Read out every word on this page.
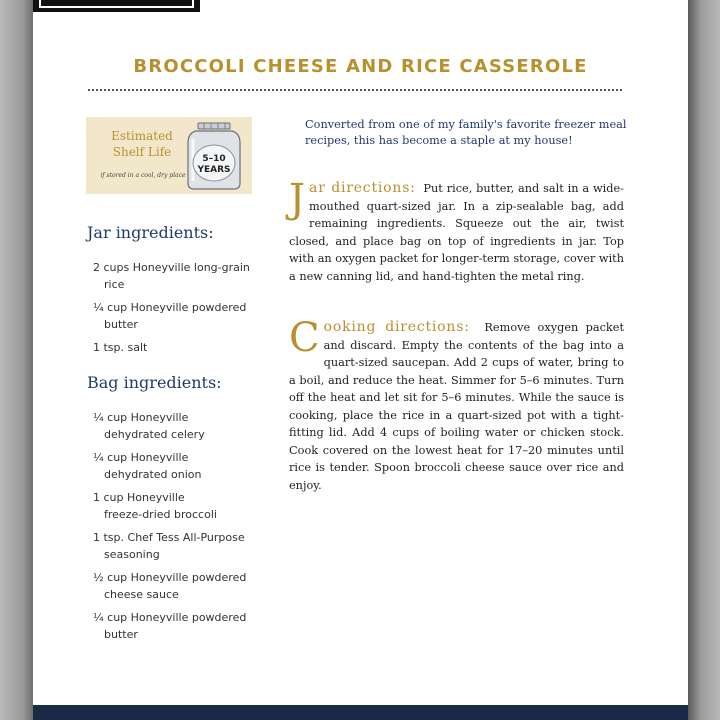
BROCCOLI CHEESE AND RICE CASSEROLE
Estimated
Shelf Life
if stored in a cool, dry place
5–10
YEARS
Jar ingredients:
2 cups Honeyville long-grain
rice
¼ cup Honeyville powdered
butter
1 tsp. salt
Bag ingredients:
¼ cup Honeyville
dehydrated celery
¼ cup Honeyville
dehydrated onion
1 cup Honeyville
freeze-dried broccoli
1 tsp. Chef Tess All-Purpose
seasoning
½ cup Honeyville powdered
cheese sauce
¼ cup Honeyville powdered
butter
Converted from one of my family's favorite freezer meal recipes, this has become a staple at my house!
Jar directions: Put rice, butter, and salt in a wide-mouthed quart-sized jar. In a zip-sealable bag, add remaining ingredients. Squeeze out the air, twist closed, and place bag on top of ingredients in jar. Top with an oxygen packet for longer-term storage, cover with a new canning lid, and hand-tighten the metal ring.
Cooking directions: Remove oxygen packet and discard. Empty the contents of the bag into a quart-sized saucepan. Add 2 cups of water, bring to a boil, and reduce the heat. Simmer for 5–6 minutes. Turn off the heat and let sit for 5–6 minutes. While the sauce is cooking, place the rice in a quart-sized pot with a tight-fitting lid. Add 4 cups of boiling water or chicken stock. Cook covered on the lowest heat for 17–20 minutes until rice is tender. Spoon broccoli cheese sauce over rice and enjoy.
